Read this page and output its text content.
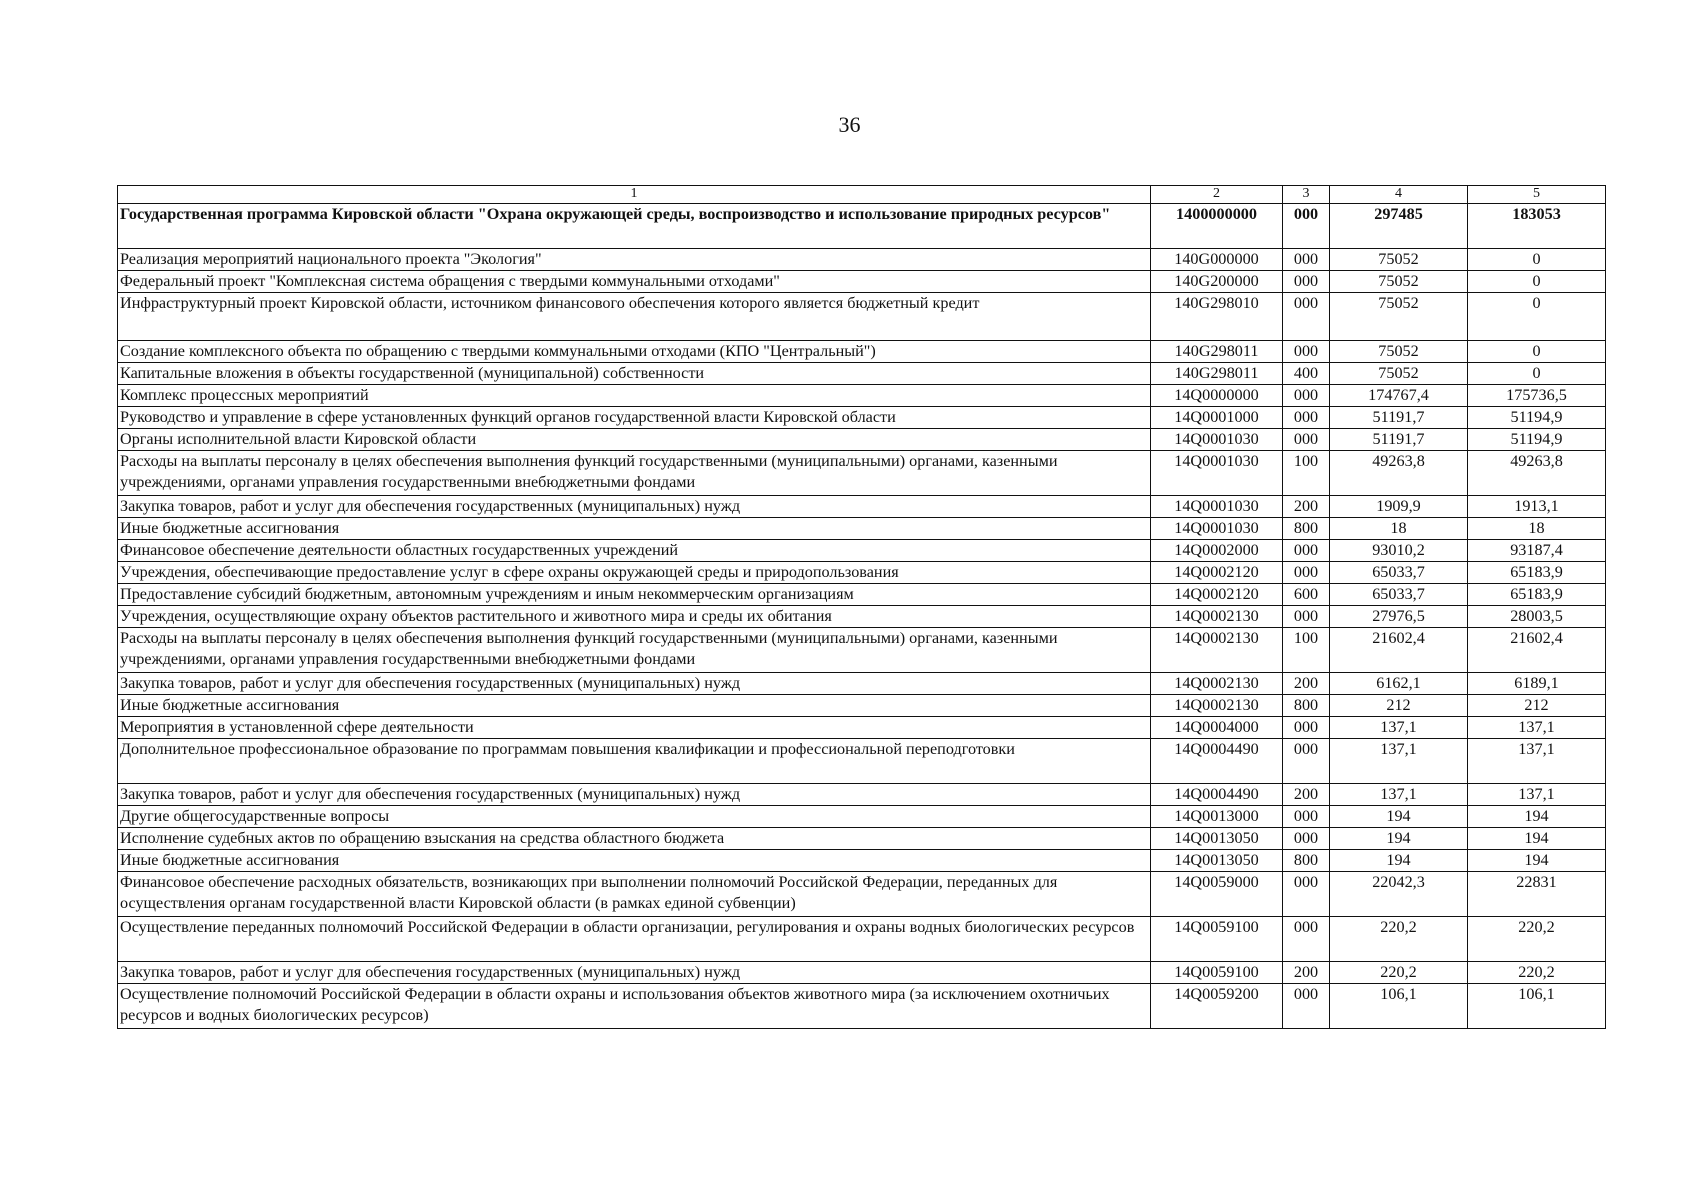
36
1	2	3	4	5
Государственная программа Кировской области "Охрана окружающей среды, воспроизводство и использование природных ресурсов"	1400000000	000	297485	183053
Реализация мероприятий национального проекта "Экология"	140G000000	000	75052	0
Федеральный проект "Комплексная система обращения с твердыми коммунальными отходами"	140G200000	000	75052	0
Инфраструктурный проект Кировской области, источником финансового обеспечения которого является бюджетный кредит	140G298010	000	75052	0
Создание комплексного объекта по обращению с твердыми коммунальными отходами (КПО "Центральный")	140G298011	000	75052	0
Капитальные вложения в объекты государственной (муниципальной) собственности	140G298011	400	75052	0
Комплекс процессных мероприятий	14Q0000000	000	174767,4	175736,5
Руководство и управление в сфере установленных функций органов государственной власти Кировской области	14Q0001000	000	51191,7	51194,9
Органы исполнительной власти Кировской области	14Q0001030	000	51191,7	51194,9
Расходы на выплаты персоналу в целях обеспечения выполнения функций государственными (муниципальными) органами, казенными учреждениями, органами управления государственными внебюджетными фондами	14Q0001030	100	49263,8	49263,8
Закупка товаров, работ и услуг для обеспечения государственных (муниципальных) нужд	14Q0001030	200	1909,9	1913,1
Иные бюджетные ассигнования	14Q0001030	800	18	18
Финансовое обеспечение деятельности областных государственных учреждений	14Q0002000	000	93010,2	93187,4
Учреждения, обеспечивающие предоставление услуг в сфере охраны окружающей среды и природопользования	14Q0002120	000	65033,7	65183,9
Предоставление субсидий бюджетным, автономным учреждениям и иным некоммерческим организациям	14Q0002120	600	65033,7	65183,9
Учреждения, осуществляющие охрану объектов растительного и животного мира и среды их обитания	14Q0002130	000	27976,5	28003,5
Расходы на выплаты персоналу в целях обеспечения выполнения функций государственными (муниципальными) органами, казенными учреждениями, органами управления государственными внебюджетными фондами	14Q0002130	100	21602,4	21602,4
Закупка товаров, работ и услуг для обеспечения государственных (муниципальных) нужд	14Q0002130	200	6162,1	6189,1
Иные бюджетные ассигнования	14Q0002130	800	212	212
Мероприятия в установленной сфере деятельности	14Q0004000	000	137,1	137,1
Дополнительное профессиональное образование по программам повышения квалификации и профессиональной переподготовки	14Q0004490	000	137,1	137,1
Закупка товаров, работ и услуг для обеспечения государственных (муниципальных) нужд	14Q0004490	200	137,1	137,1
Другие общегосударственные вопросы	14Q0013000	000	194	194
Исполнение судебных актов по обращению взыскания на средства областного бюджета	14Q0013050	000	194	194
Иные бюджетные ассигнования	14Q0013050	800	194	194
Финансовое обеспечение расходных обязательств, возникающих при выполнении полномочий Российской Федерации, переданных для осуществления органам государственной власти Кировской области (в рамках единой субвенции)	14Q0059000	000	22042,3	22831
Осуществление переданных полномочий Российской Федерации в области организации, регулирования и охраны водных биологических ресурсов	14Q0059100	000	220,2	220,2
Закупка товаров, работ и услуг для обеспечения государственных (муниципальных) нужд	14Q0059100	200	220,2	220,2
Осуществление полномочий Российской Федерации в области охраны и использования объектов животного мира (за исключением охотничьих ресурсов и водных биологических ресурсов)	14Q0059200	000	106,1	106,1
